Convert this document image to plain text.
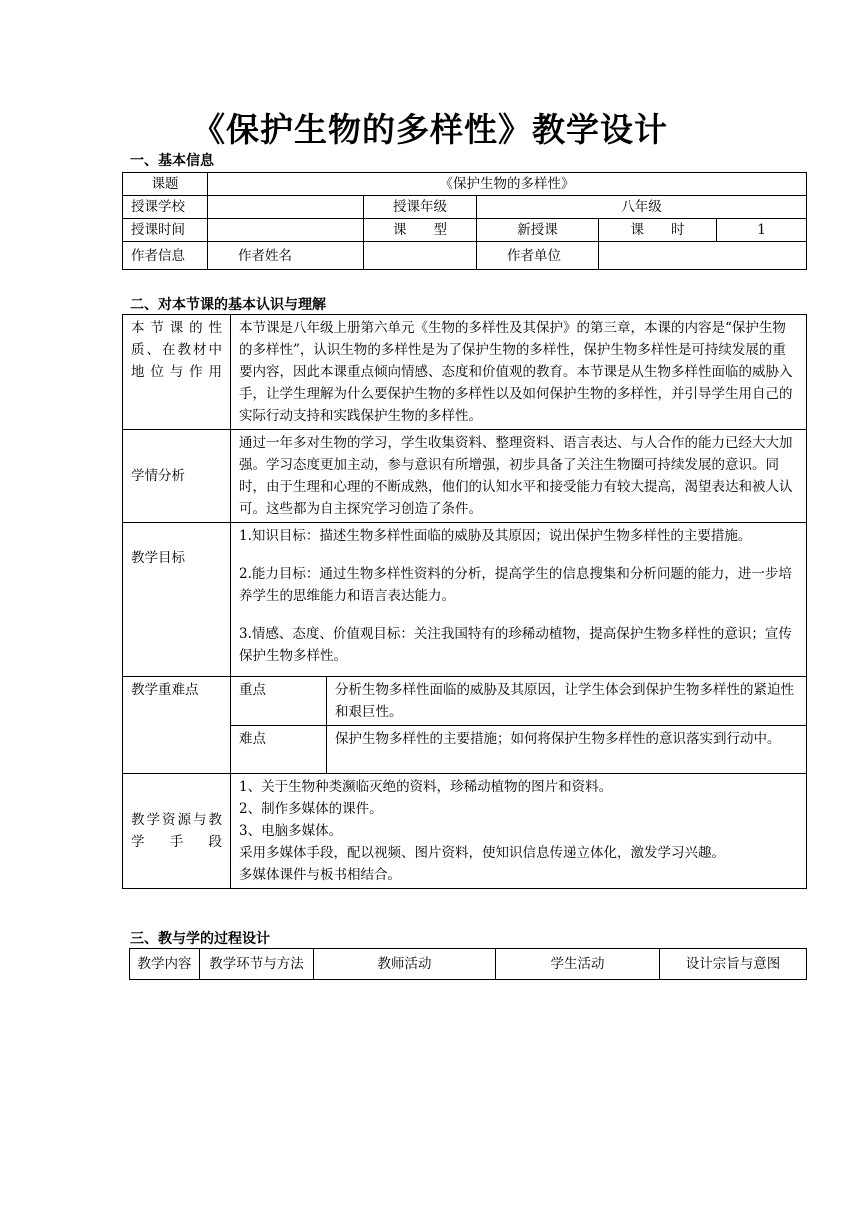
《保护生物的多样性》教学设计
一、基本信息
课题	《保护生物的多样性》				
授课学校		授课年级	八年级		
授课时间		课　　型	新授课	课　　时	1
作者信息	作者姓名		作者单位		
二、对本节课的基本认识与理解
本节课的性质、在教材中地位与作用	本节课是八年级上册第六单元《生物的多样性及其保护》的第三章，本课的内容是“保护生物的多样性”，认识生物的多样性是为了保护生物的多样性，保护生物多样性是可持续发展的重要内容，因此本课重点倾向情感、态度和价值观的教育。本节课是从生物多样性面临的威胁入手，让学生理解为什么要保护生物的多样性以及如何保护生物的多样性，并引导学生用自己的实际行动支持和实践保护生物的多样性。	
学情分析	通过一年多对生物的学习，学生收集资料、整理资料、语言表达、与人合作的能力已经大大加强。学习态度更加主动，参与意识有所增强，初步具备了关注生物圈可持续发展的意识。同时，由于生理和心理的不断成熟，他们的认知水平和接受能力有较大提高，渴望表达和被人认可。这些都为自主探究学习创造了条件。	
教学目标	1.知识目标：描述生物多样性面临的威胁及其原因；说出保护生物多样性的主要措施。

2.能力目标：通过生物多样性资料的分析，提高学生的信息搜集和分析问题的能力，进一步培养学生的思维能力和语言表达能力。

3.情感、态度、价值观目标：关注我国特有的珍稀动植物，提高保护生物多样性的意识；宣传保护生物多样性。	

教学重难点	重点	分析生物多样性面临的威胁及其原因，让学生体会到保护生物多样性的紧迫性和艰巨性。
	难点	保护生物多样性的主要措施；如何将保护生物多样性的意识落实到行动中。
教学资源与教学手段	1、关于生物种类濒临灭绝的资料，珍稀动植物的图片和资料。
2、制作多媒体的课件。
3、电脑多媒体。
采用多媒体手段，配以视频、图片资料，使知识信息传递立体化，激发学习兴趣。
多媒体课件与板书相结合。	
三、教与学的过程设计
教学内容	教学环节与方法	教师活动	学生活动	设计宗旨与意图
